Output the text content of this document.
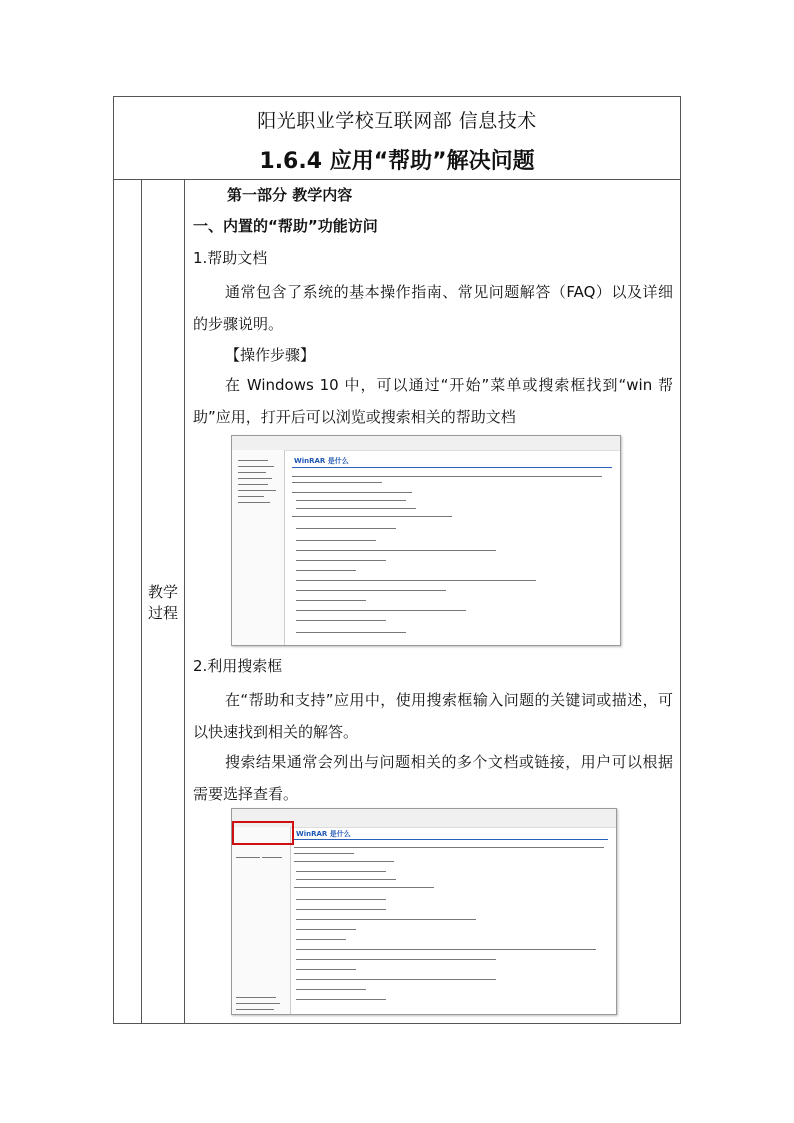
阳光职业学校互联网部 信息技术
1.6.4 应用“帮助”解决问题
教学过程
第一部分 教学内容
一、内置的“帮助”功能访问
1.帮助文档
通常包含了系统的基本操作指南、常见问题解答（FAQ）以及详细的步骤说明。
【操作步骤】
在 Windows 10 中，可以通过“开始”菜单或搜索框找到“win 帮助”应用，打开后可以浏览或搜索相关的帮助文档
WinRAR 是什么
2.利用搜索框
在“帮助和支持”应用中，使用搜索框输入问题的关键词或描述，可以快速找到相关的解答。
搜索结果通常会列出与问题相关的多个文档或链接，用户可以根据需要选择查看。
WinRAR 是什么
